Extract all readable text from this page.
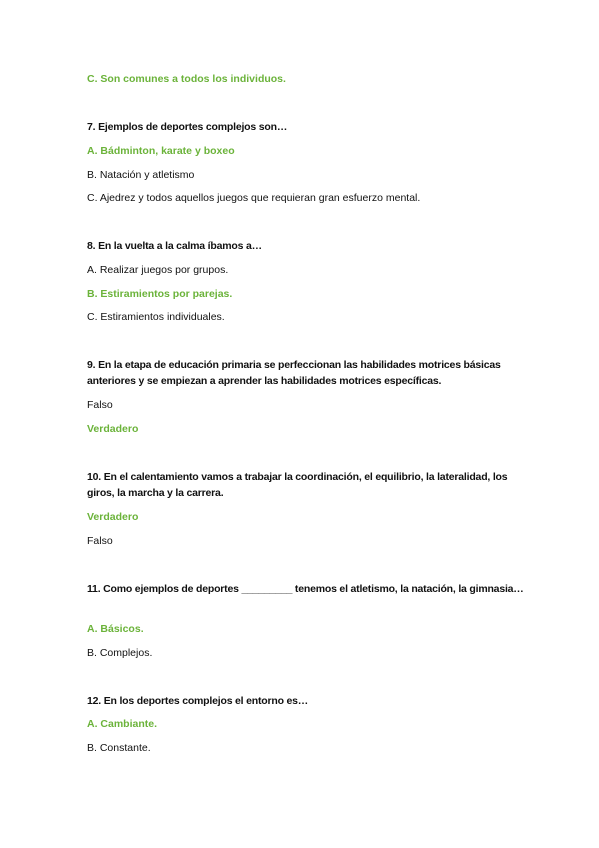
C. Son comunes a todos los individuos.
7. Ejemplos de deportes complejos son…
A. Bádminton, karate y boxeo
B. Natación y atletismo
C. Ajedrez y todos aquellos juegos que requieran gran esfuerzo mental.
8. En la vuelta a la calma íbamos a…
A. Realizar juegos por grupos.
B. Estiramientos por parejas.
C. Estiramientos individuales.
9. En la etapa de educación primaria se perfeccionan las habilidades motrices básicas anteriores y se empiezan a aprender las habilidades motrices específicas.
Falso
Verdadero
10. En el calentamiento vamos a trabajar la coordinación, el equilibrio, la lateralidad, los giros, la marcha y la carrera.
Verdadero
Falso
11. Como ejemplos de deportes _________ tenemos el atletismo, la natación, la gimnasia…
A. Básicos.
B. Complejos.
12. En los deportes complejos el entorno es…
A. Cambiante.
B. Constante.
